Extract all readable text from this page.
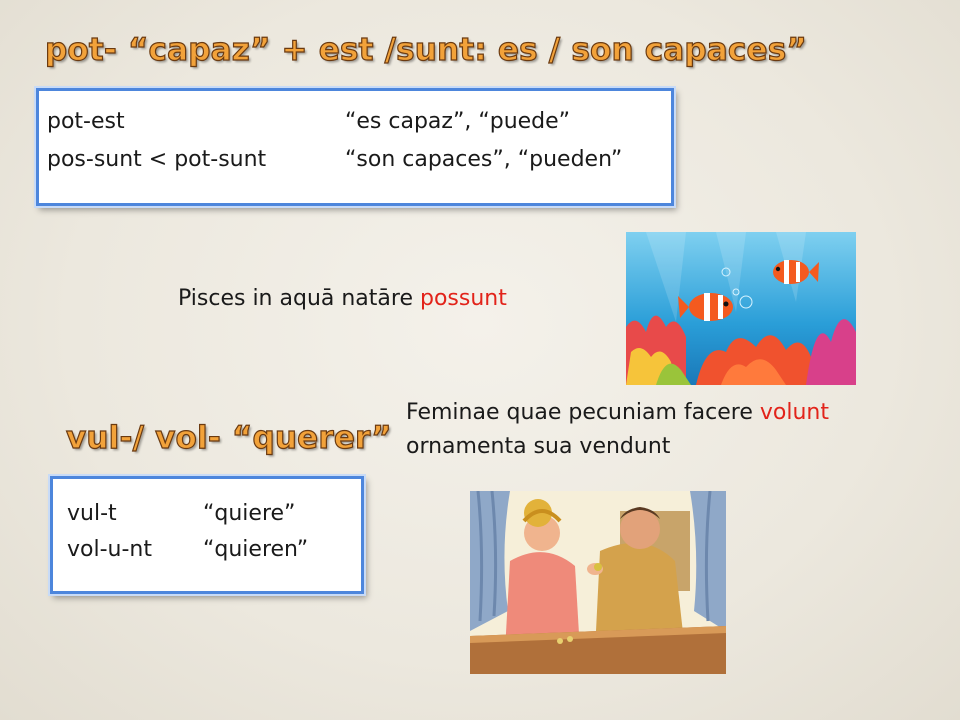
pot- “capaz” + est /sunt: es / son capaces”
pot-est	“es capaz”, “puede”
pos-sunt < pot-sunt	“son capaces”, “pueden”
Pisces in aquā natāre possunt
Feminae quae pecuniam facere volunt
ornamenta sua vendunt
vul-/ vol- “querer”
vul-t	“quiere”
vol-u-nt “quieren”
